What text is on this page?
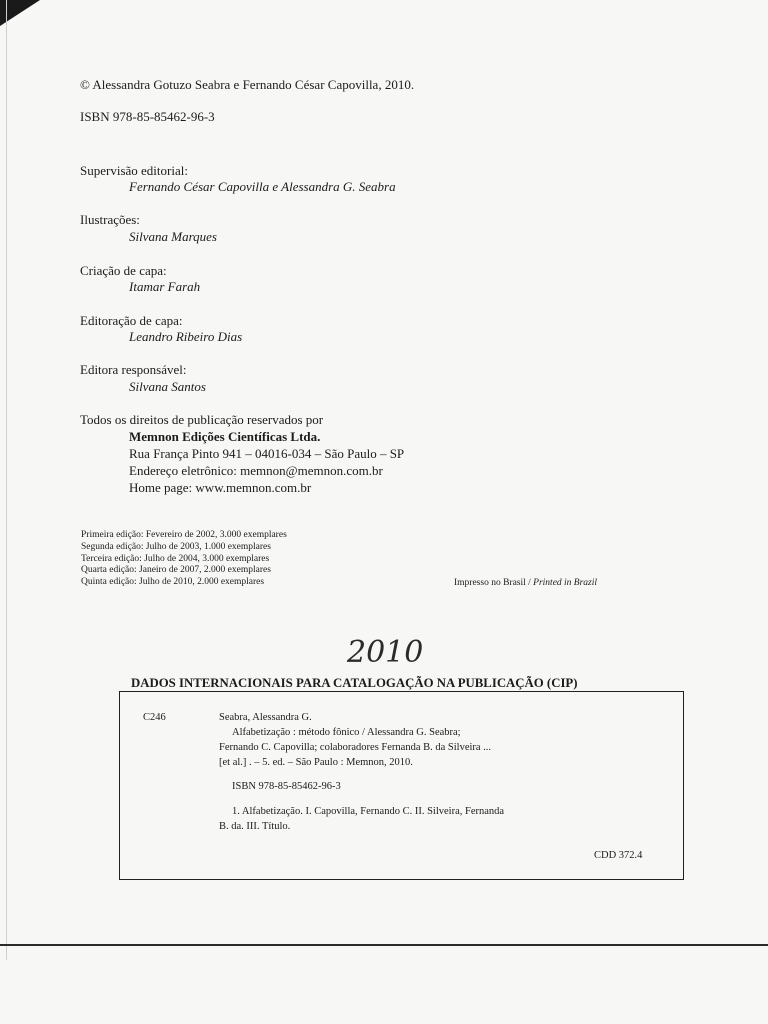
© Alessandra Gotuzo Seabra e Fernando César Capovilla, 2010.
ISBN 978-85-85462-96-3
Supervisão editorial:
Fernando César Capovilla e Alessandra G. Seabra
Ilustrações:
Silvana Marques
Criação de capa:
Itamar Farah
Editoração de capa:
Leandro Ribeiro Dias
Editora responsável:
Silvana Santos
Todos os direitos de publicação reservados por
Memnon Edições Científicas Ltda.
Rua França Pinto 941 – 04016-034 – São Paulo – SP
Endereço eletrônico: memnon@memnon.com.br
Home page: www.memnon.com.br
Primeira edição: Fevereiro de 2002, 3.000 exemplares
Segunda edição: Julho de 2003, 1.000 exemplares
Terceira edição: Julho de 2004, 3.000 exemplares
Quarta edição: Janeiro de 2007, 2.000 exemplares
Quinta edição: Julho de 2010, 2.000 exemplares	Impresso no Brasil / Printed in Brazil
2010
DADOS INTERNACIONAIS PARA CATALOGAÇÃO NA PUBLICAÇÃO (CIP)
C246	Seabra, Alessandra G.
Alfabetização : método fônico / Alessandra G. Seabra;
Fernando C. Capovilla; colaboradores Fernanda B. da Silveira ...
[et al.] . – 5. ed. – São Paulo : Memnon, 2010.
ISBN 978-85-85462-96-3
1. Alfabetização. I. Capovilla, Fernando C. II. Silveira, Fernanda
B. da. III. Título.
CDD 372.4
